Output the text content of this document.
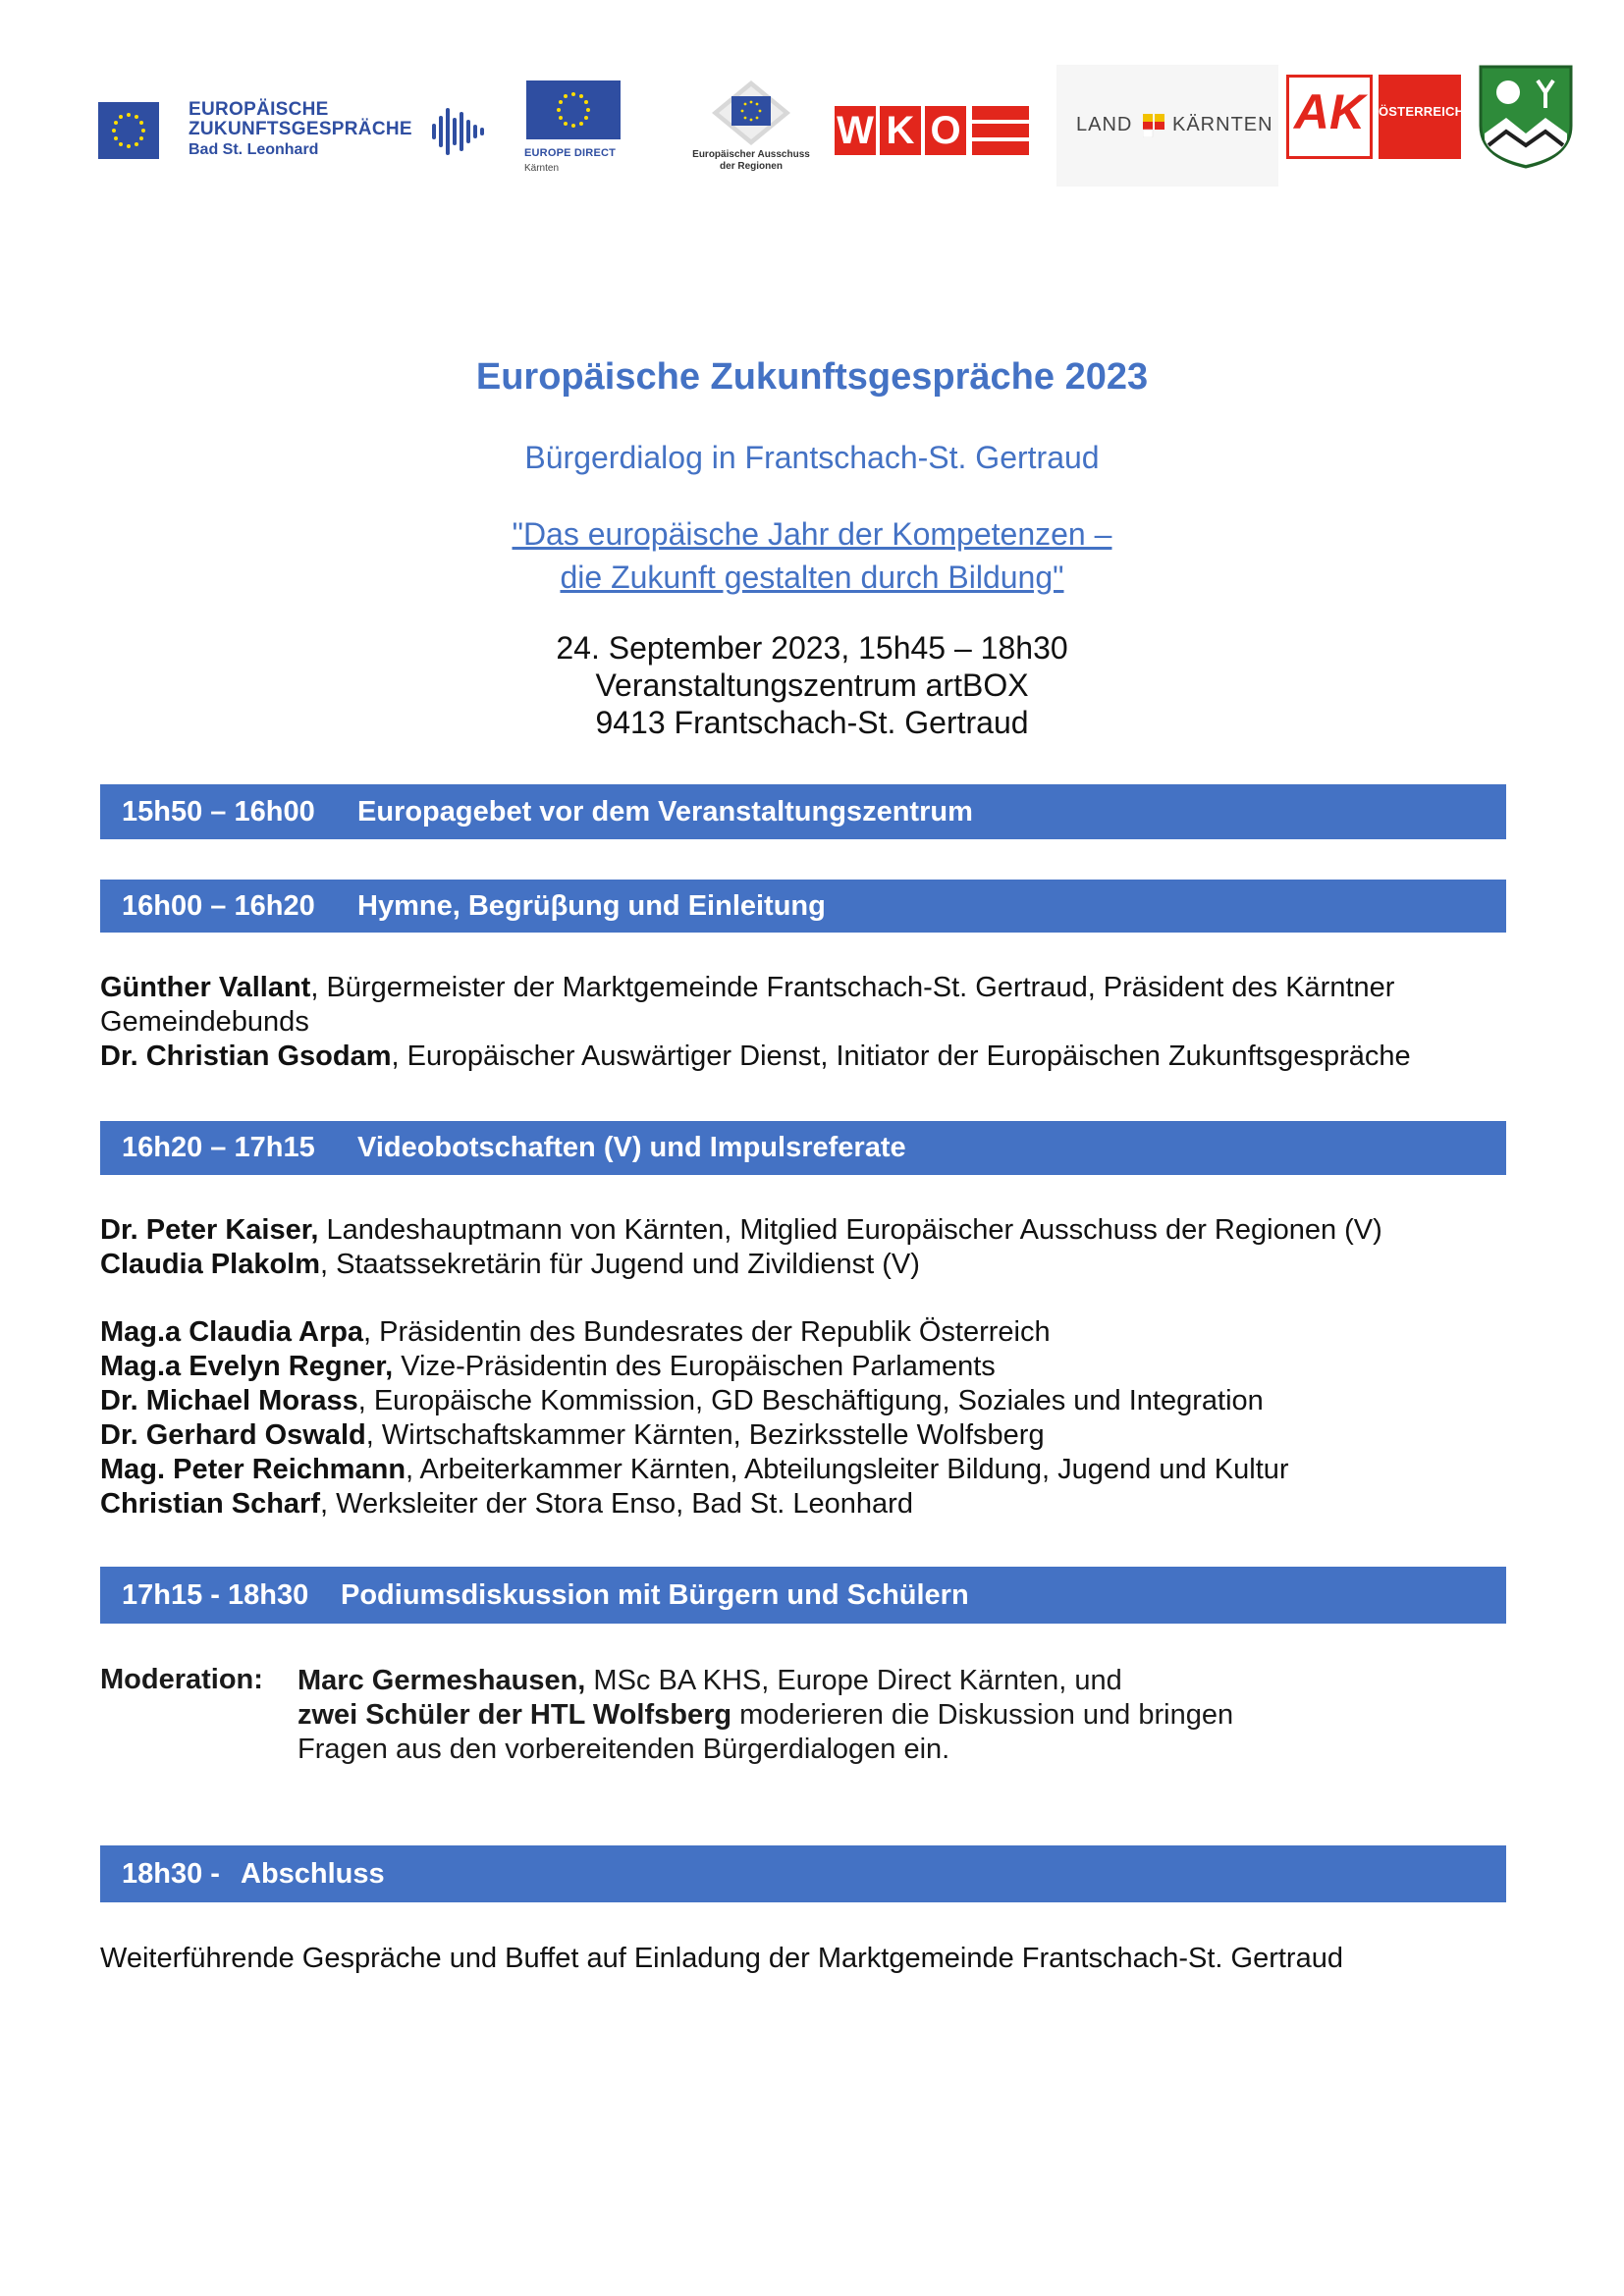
EUROPÄISCHE
ZUKUNFTSGESPRÄCHE
Bad St. Leonhard	EUROPE DIRECT
Kärnten
Europäischer Ausschuss
der Regionen
W K O	LAND KÄRNTEN AK	ÖSTERREICH
Europäische Zukunftsgespräche 2023
Bürgerdialog in Frantschach-St. Gertraud
"Das europäische Jahr der Kompetenzen –
die Zukunft gestalten durch Bildung"
24. September 2023, 15h45 – 18h30
Veranstaltungszentrum artBOX
9413 Frantschach-St. Gertraud
15h50 – 16h00 Europagebet vor dem Veranstaltungszentrum
16h00 – 16h20 Hymne, Begrüβung und Einleitung
Günther Vallant, Bürgermeister der Marktgemeinde Frantschach-St. Gertraud, Präsident des Kärntner Gemeindebunds
Dr. Christian Gsodam, Europäischer Auswärtiger Dienst, Initiator der Europäischen Zukunftsgespräche
16h20 – 17h15 Videobotschaften (V) und Impulsreferate
Dr. Peter Kaiser, Landeshauptmann von Kärnten, Mitglied Europäischer Ausschuss der Regionen (V)
Claudia Plakolm, Staatssekretärin für Jugend und Zivildienst (V)
Mag.a Claudia Arpa, Präsidentin des Bundesrates der Republik Österreich
Mag.a Evelyn Regner, Vize-Präsidentin des Europäischen Parlaments
Dr. Michael Morass, Europäische Kommission, GD Beschäftigung, Soziales und Integration
Dr. Gerhard Oswald, Wirtschaftskammer Kärnten, Bezirksstelle Wolfsberg
Mag. Peter Reichmann, Arbeiterkammer Kärnten, Abteilungsleiter Bildung, Jugend und Kultur
Christian Scharf, Werksleiter der Stora Enso, Bad St. Leonhard
17h15 - 18h30 Podiumsdiskussion mit Bürgern und Schülern
Moderation: Marc Germeshausen, MSc BA KHS, Europe Direct Kärnten, und
zwei Schüler der HTL Wolfsberg moderieren die Diskussion und bringen
Fragen aus den vorbereitenden Bürgerdialogen ein.
18h30 - Abschluss
Weiterführende Gespräche und Buffet auf Einladung der Marktgemeinde Frantschach-St. Gertraud
